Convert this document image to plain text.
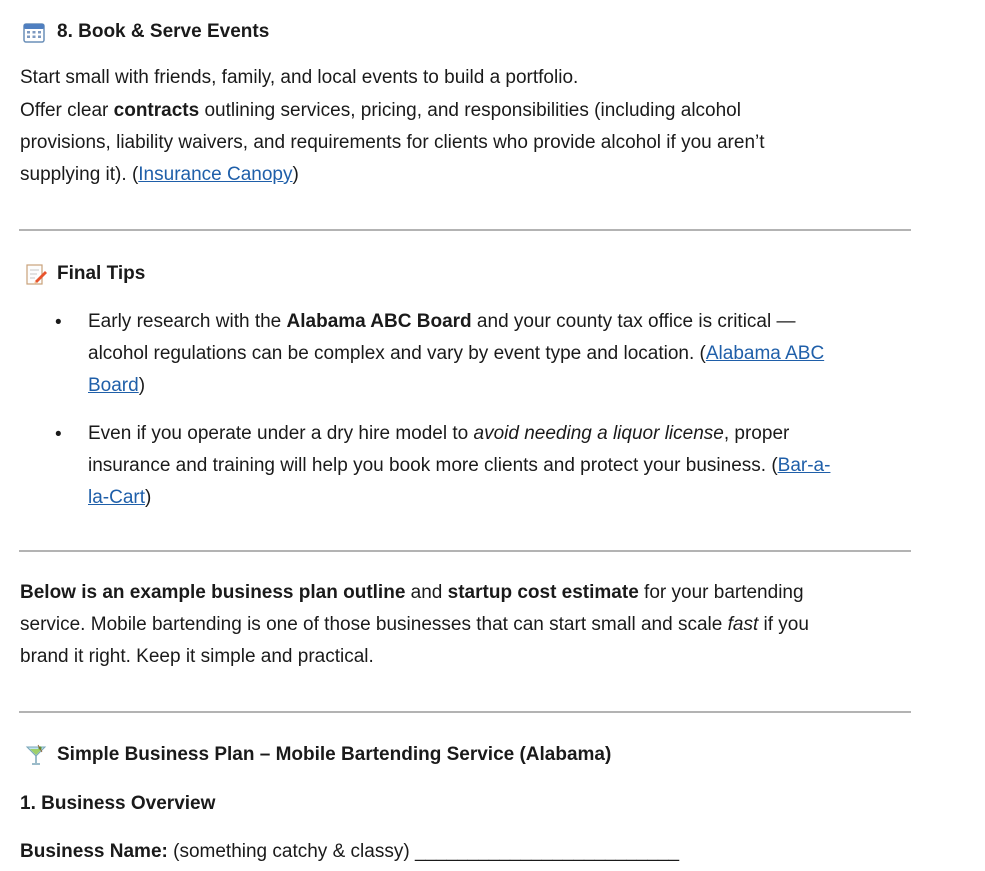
8. Book & Serve Events
Start small with friends, family, and local events to build a portfolio.
Offer clear contracts outlining services, pricing, and responsibilities (including alcohol
provisions, liability waivers, and requirements for clients who provide alcohol if you aren’t
supplying it). (Insurance Canopy)
Final Tips
• Early research with the Alabama ABC Board and your county tax office is critical —
alcohol regulations can be complex and vary by event type and location. (Alabama ABC
Board)
• Even if you operate under a dry hire model to avoid needing a liquor license, proper
insurance and training will help you book more clients and protect your business. (Bar-a-
la-Cart)
Below is an example business plan outline and startup cost estimate for your bartending
service. Mobile bartending is one of those businesses that can start small and scale fast if you
brand it right. Keep it simple and practical.
Simple Business Plan – Mobile Bartending Service (Alabama)
1. Business Overview
Business Name: (something catchy & classy) _________________________
